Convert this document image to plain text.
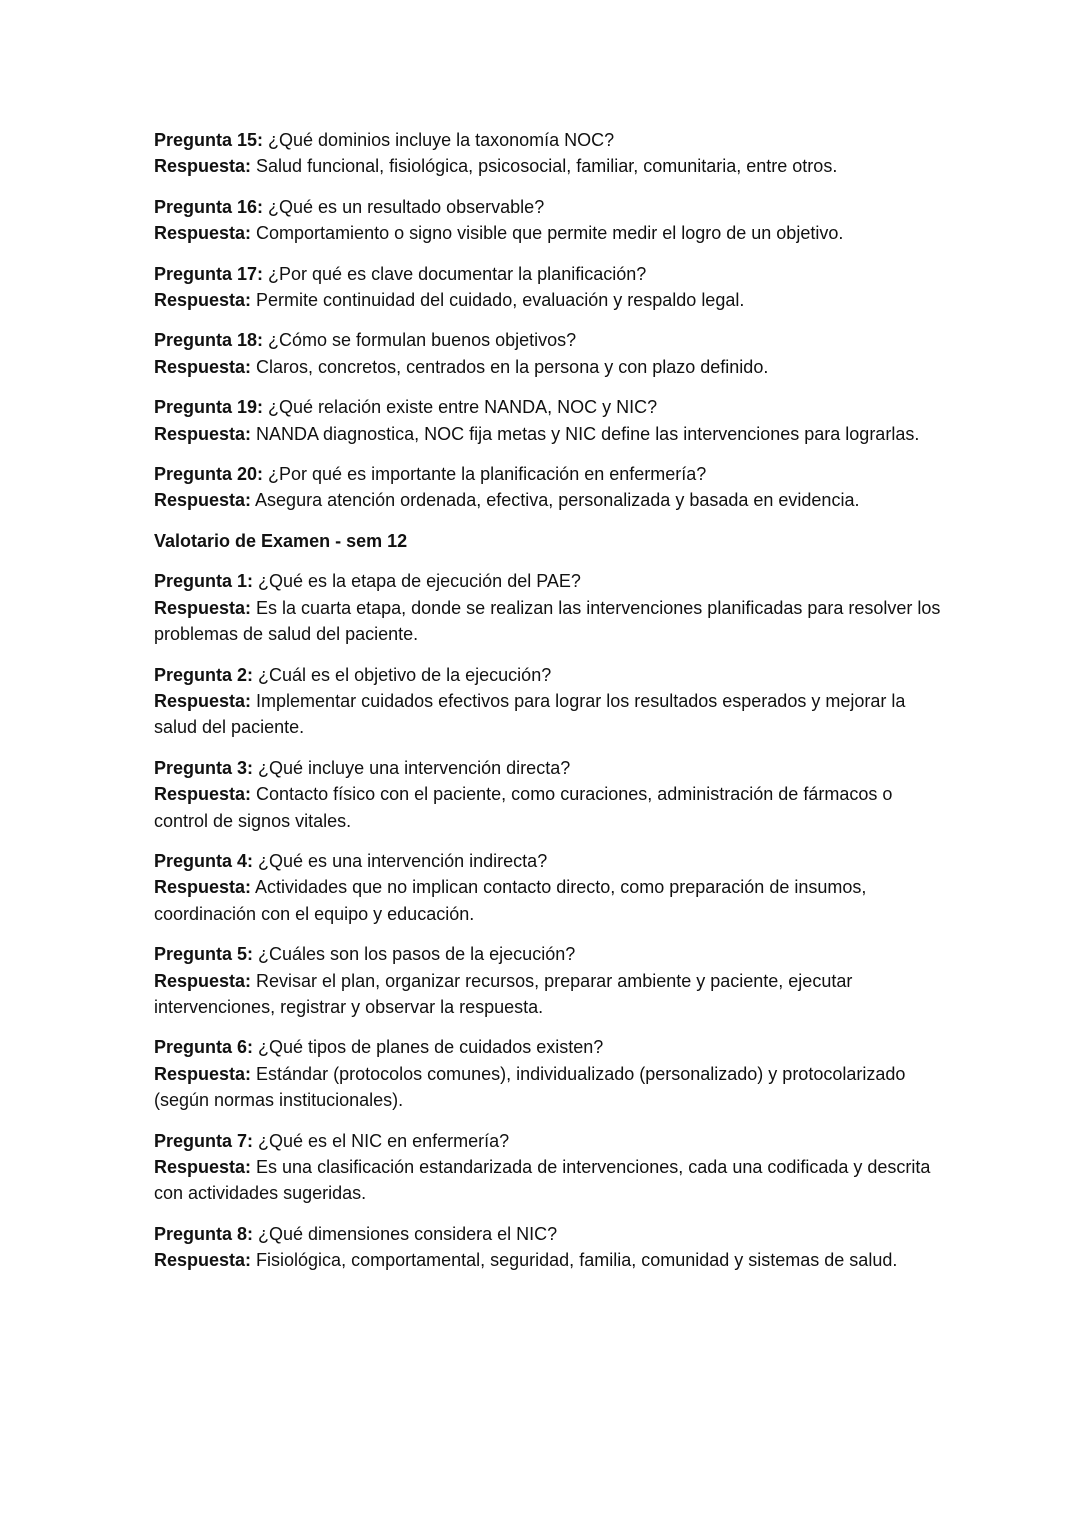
Pregunta 15: ¿Qué dominios incluye la taxonomía NOC?

Respuesta: Salud funcional, fisiológica, psicosocial, familiar, comunitaria, entre otros.

Pregunta 16: ¿Qué es un resultado observable?

Respuesta: Comportamiento o signo visible que permite medir el logro de un objetivo.

Pregunta 17: ¿Por qué es clave documentar la planificación?

Respuesta: Permite continuidad del cuidado, evaluación y respaldo legal.

Pregunta 18: ¿Cómo se formulan buenos objetivos?

Respuesta: Claros, concretos, centrados en la persona y con plazo definido.

Pregunta 19: ¿Qué relación existe entre NANDA, NOC y NIC?

Respuesta: NANDA diagnostica, NOC fija metas y NIC define las intervenciones para lograrlas.

Pregunta 20: ¿Por qué es importante la planificación en enfermería?

Respuesta: Asegura atención ordenada, efectiva, personalizada y basada en evidencia.

Valotario de Examen - sem 12

Pregunta 1: ¿Qué es la etapa de ejecución del PAE?

Respuesta: Es la cuarta etapa, donde se realizan las intervenciones planificadas para resolver los problemas de salud del paciente.

Pregunta 2: ¿Cuál es el objetivo de la ejecución?

Respuesta: Implementar cuidados efectivos para lograr los resultados esperados y mejorar la salud del paciente.

Pregunta 3: ¿Qué incluye una intervención directa?

Respuesta: Contacto físico con el paciente, como curaciones, administración de fármacos o control de signos vitales.

Pregunta 4: ¿Qué es una intervención indirecta?

Respuesta: Actividades que no implican contacto directo, como preparación de insumos, coordinación con el equipo y educación.

Pregunta 5: ¿Cuáles son los pasos de la ejecución?

Respuesta: Revisar el plan, organizar recursos, preparar ambiente y paciente, ejecutar intervenciones, registrar y observar la respuesta.

Pregunta 6: ¿Qué tipos de planes de cuidados existen?

Respuesta: Estándar (protocolos comunes), individualizado (personalizado) y protocolarizado (según normas institucionales).

Pregunta 7: ¿Qué es el NIC en enfermería?

Respuesta: Es una clasificación estandarizada de intervenciones, cada una codificada y descrita con actividades sugeridas.

Pregunta 8: ¿Qué dimensiones considera el NIC?

Respuesta: Fisiológica, comportamental, seguridad, familia, comunidad y sistemas de salud.
